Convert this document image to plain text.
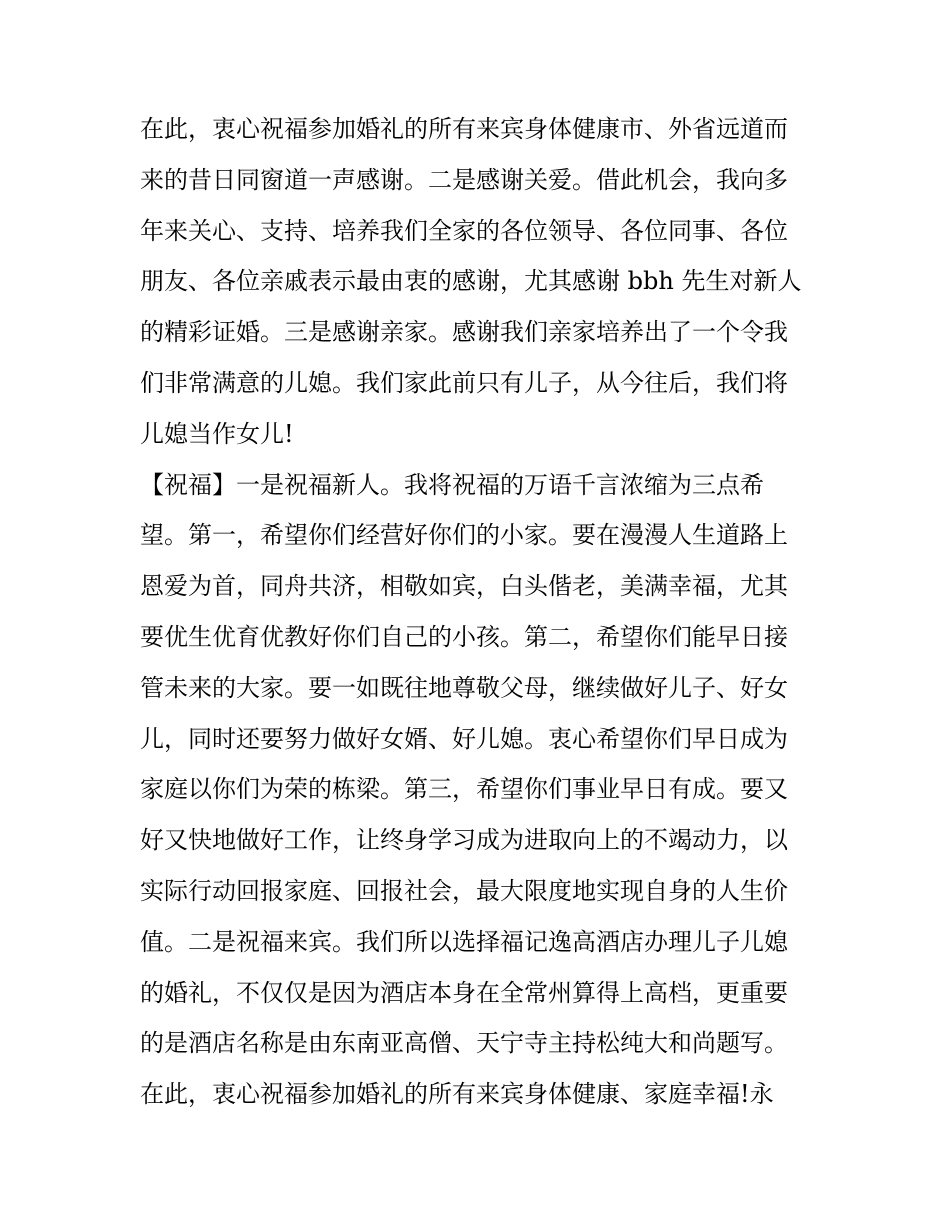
在此，衷心祝福参加婚礼的所有来宾身体健康市、外省远道而
来的昔日同窗道一声感谢。二是感谢关爱。借此机会，我向多
年来关心、支持、培养我们全家的各位领导、各位同事、各位
朋友、各位亲戚表示最由衷的感谢，尤其感谢 bbh 先生对新人
的精彩证婚。三是感谢亲家。感谢我们亲家培养出了一个令我
们非常满意的儿媳。我们家此前只有儿子，从今往后，我们将
儿媳当作女儿!
【祝福】一是祝福新人。我将祝福的万语千言浓缩为三点希
望。第一，希望你们经营好你们的小家。要在漫漫人生道路上
恩爱为首，同舟共济，相敬如宾，白头偕老，美满幸福，尤其
要优生优育优教好你们自己的小孩。第二，希望你们能早日接
管未来的大家。要一如既往地尊敬父母，继续做好儿子、好女
儿，同时还要努力做好女婿、好儿媳。衷心希望你们早日成为
家庭以你们为荣的栋梁。第三，希望你们事业早日有成。要又
好又快地做好工作，让终身学习成为进取向上的不竭动力，以
实际行动回报家庭、回报社会，最大限度地实现自身的人生价
值。二是祝福来宾。我们所以选择福记逸高酒店办理儿子儿媳
的婚礼，不仅仅是因为酒店本身在全常州算得上高档，更重要
的是酒店名称是由东南亚高僧、天宁寺主持松纯大和尚题写。
在此，衷心祝福参加婚礼的所有来宾身体健康、家庭幸福!永
